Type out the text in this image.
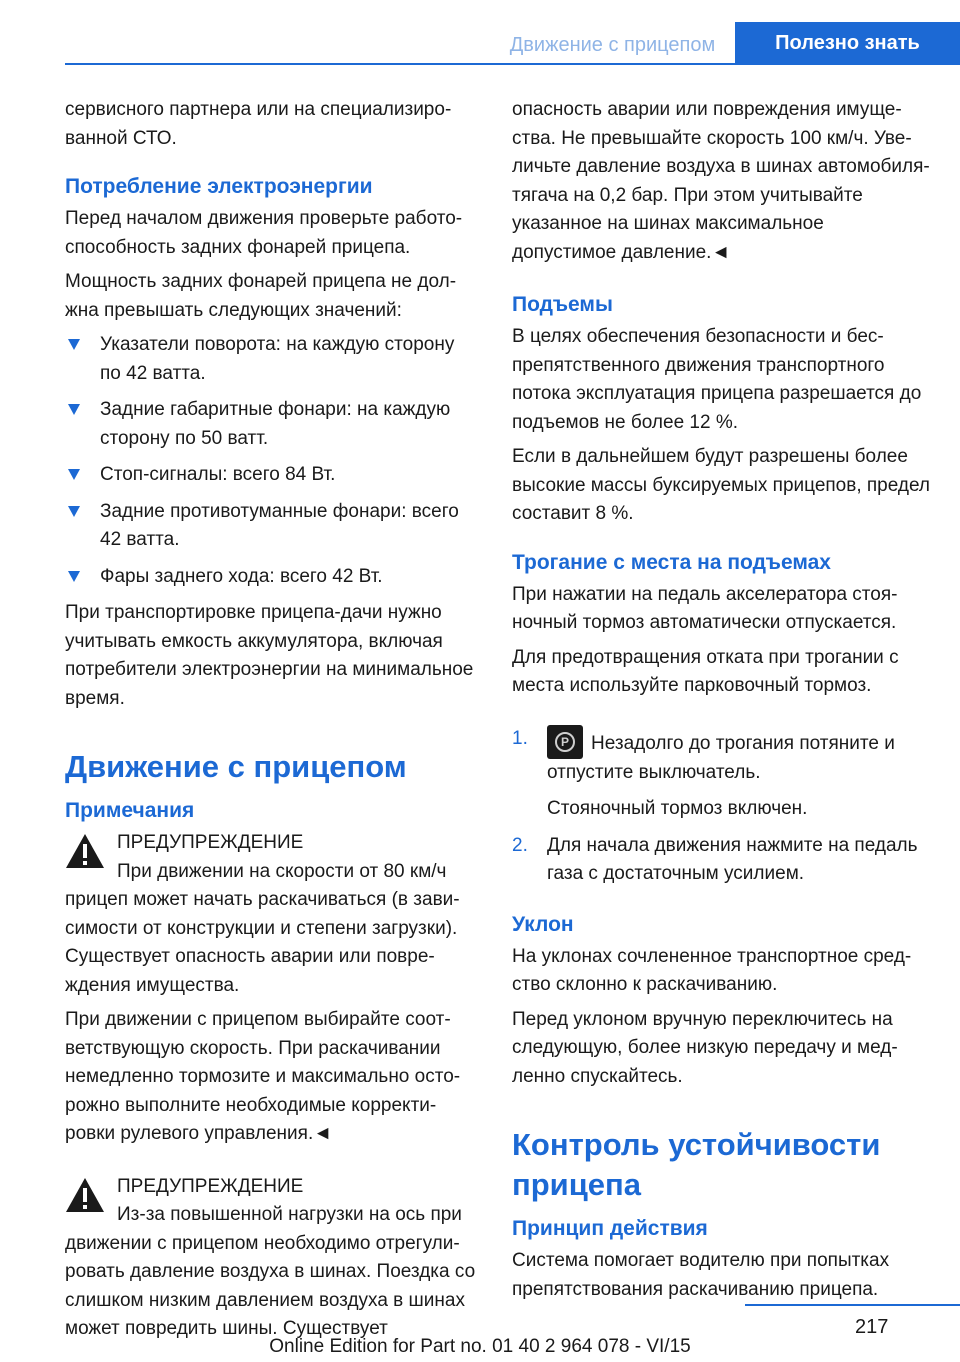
Движение с прицепом	Полезно знать

сервисного партнера или на специализированной СТО.

Потребление электроэнергии

Перед началом движения проверьте работоспособность задних фонарей прицепа.

Мощность задних фонарей прицепа не должна превышать следующих значений:

Указатели поворота: на каждую сторону по 42 ватта.
Задние габаритные фонари: на каждую сторону по 50 ватт.
Стоп-сигналы: всего 84 Вт.
Задние противотуманные фонари: всего 42 ватта.
Фары заднего хода: всего 42 Вт.

При транспортировке прицепа-дачи нужно учитывать емкость аккумулятора, включая потребители электроэнергии на минимальное время.

Движение с прицепом
Примечания
ПРЕДУПРЕЖДЕНИЕ
При движении на скорости от 80 км/ч

прицеп может начать раскачиваться (в зависимости от конструкции и степени загрузки). Существует опасность аварии или повреждения имущества.

При движении с прицепом выбирайте соответствующую скорость. При раскачивании немедленно тормозите и максимально осторожно выполните необходимые корректировки рулевого управления.◄

ПРЕДУПРЕЖДЕНИЕ
Из-за повышенной нагрузки на ось при

движении с прицепом необходимо отрегулировать давление воздуха в шинах. Поездка со слишком низким давлением воздуха в шинах может повредить шины. Существует

опасность аварии или повреждения имущества. Не превышайте скорость 100 км/ч. Увеличьте давление воздуха в шинах автомобиля-тягача на 0,2 бар. При этом учитывайте указанное на шинах максимальное допустимое давление.◄

Подъемы

В целях обеспечения безопасности и беспрепятственного движения транспортного потока эксплуатация прицепа разрешается до подъемов не более 12 %.

Если в дальнейшем будут разрешены более высокие массы буксируемых прицепов, предел составит 8 %.

Трогание с места на подъемах

При нажатии на педаль акселератора стояночный тормоз автоматически отпускается.

Для предотвращения отката при трогании с места используйте парковочный тормоз.

1.	P	Незадолго до трогания потяните и отпустите выключатель.
Стояночный тормоз включен.
2. Для начала движения нажмите на педаль газа с достаточным усилием.
Уклон

На уклонах сочлененное транспортное средство склонно к раскачиванию.

Перед уклоном вручную переключитесь на следующую, более низкую передачу и медленно спускайтесь.

Контроль устойчивости прицепа
Принцип действия

Система помогает водителю при попытках препятствования раскачиванию прицепа.

217
Online Edition for Part no. 01 40 2 964 078 - VI/15
